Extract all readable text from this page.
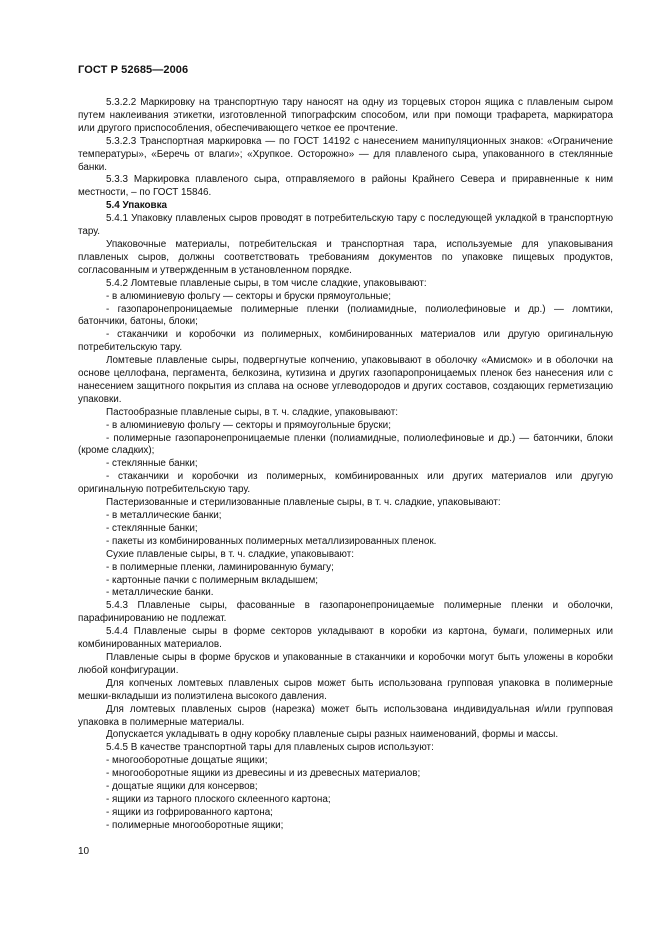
ГОСТ Р 52685—2006

5.3.2.2 Маркировку на транспортную тару наносят на одну из торцевых сторон ящика с плавленым сыром путем наклеивания этикетки, изготовленной типографским способом, или при помощи трафарета, маркиратора или другого приспособления, обеспечивающего четкое ее прочтение.

5.3.2.3 Транспортная маркировка — по ГОСТ 14192 с нанесением манипуляционных знаков: «Ограничение температуры», «Беречь от влаги»; «Хрупкое. Осторожно» — для плавленого сыра, упакованного в стеклянные банки.

5.3.3 Маркировка плавленого сыра, отправляемого в районы Крайнего Севера и приравненные к ним местности, – по ГОСТ 15846.

5.4 Упаковка

5.4.1 Упаковку плавленых сыров проводят в потребительскую тару с последующей укладкой в транспортную тару.

Упаковочные материалы, потребительская и транспортная тара, используемые для упаковывания плавленых сыров, должны соответствовать требованиям документов по упаковке пищевых продуктов, согласованным и утвержденным в установленном порядке.

5.4.2 Ломтевые плавленые сыры, в том числе сладкие, упаковывают:

- в алюминиевую фольгу — секторы и бруски прямоугольные;

- газопаронепроницаемые полимерные пленки (полиамидные, полиолефиновые и др.) — ломтики, батончики, батоны, блоки;

- стаканчики и коробочки из полимерных, комбинированных материалов или другую оригинальную потребительскую тару.

Ломтевые плавленые сыры, подвергнутые копчению, упаковывают в оболочку «Амисмок» и в оболочки на основе целлофана, пергамента, белкозина, кутизина и других газопаропроницаемых пленок без нанесения или с нанесением защитного покрытия из сплава на основе углеводородов и других составов, создающих герметизацию упаковки.

Пастообразные плавленые сыры, в т. ч. сладкие, упаковывают:

- в алюминиевую фольгу — секторы и прямоугольные бруски;

- полимерные газопаронепроницаемые пленки (полиамидные, полиолефиновые и др.) — батончики, блоки (кроме сладких);

- стеклянные банки;

- стаканчики и коробочки из полимерных, комбинированных или других материалов или другую оригинальную потребительскую тару.

Пастеризованные и стерилизованные плавленые сыры, в т. ч. сладкие, упаковывают:

- в металлические банки;

- стеклянные банки;

- пакеты из комбинированных полимерных металлизированных пленок.

Сухие плавленые сыры, в т. ч. сладкие, упаковывают:

- в полимерные пленки, ламинированную бумагу;

- картонные пачки с полимерным вкладышем;

- металлические банки.

5.4.3 Плавленые сыры, фасованные в газопаронепроницаемые полимерные пленки и оболочки, парафинированию не подлежат.

5.4.4 Плавленые сыры в форме секторов укладывают в коробки из картона, бумаги, полимерных или комбинированных материалов.

Плавленые сыры в форме брусков и упакованные в стаканчики и коробочки могут быть уложены в коробки любой конфигурации.

Для копченых ломтевых плавленых сыров может быть использована групповая упаковка в полимерные мешки-вкладыши из полиэтилена высокого давления.

Для ломтевых плавленых сыров (нарезка) может быть использована индивидуальная и/или групповая упаковка в полимерные материалы.

Допускается укладывать в одну коробку плавленые сыры разных наименований, формы и массы.

5.4.5 В качестве транспортной тары для плавленых сыров используют:

- многооборотные дощатые ящики;

- многооборотные ящики из древесины и из древесных материалов;

- дощатые ящики для консервов;

- ящики из тарного плоского склеенного картона;

- ящики из гофрированного картона;

- полимерные многооборотные ящики;

10
